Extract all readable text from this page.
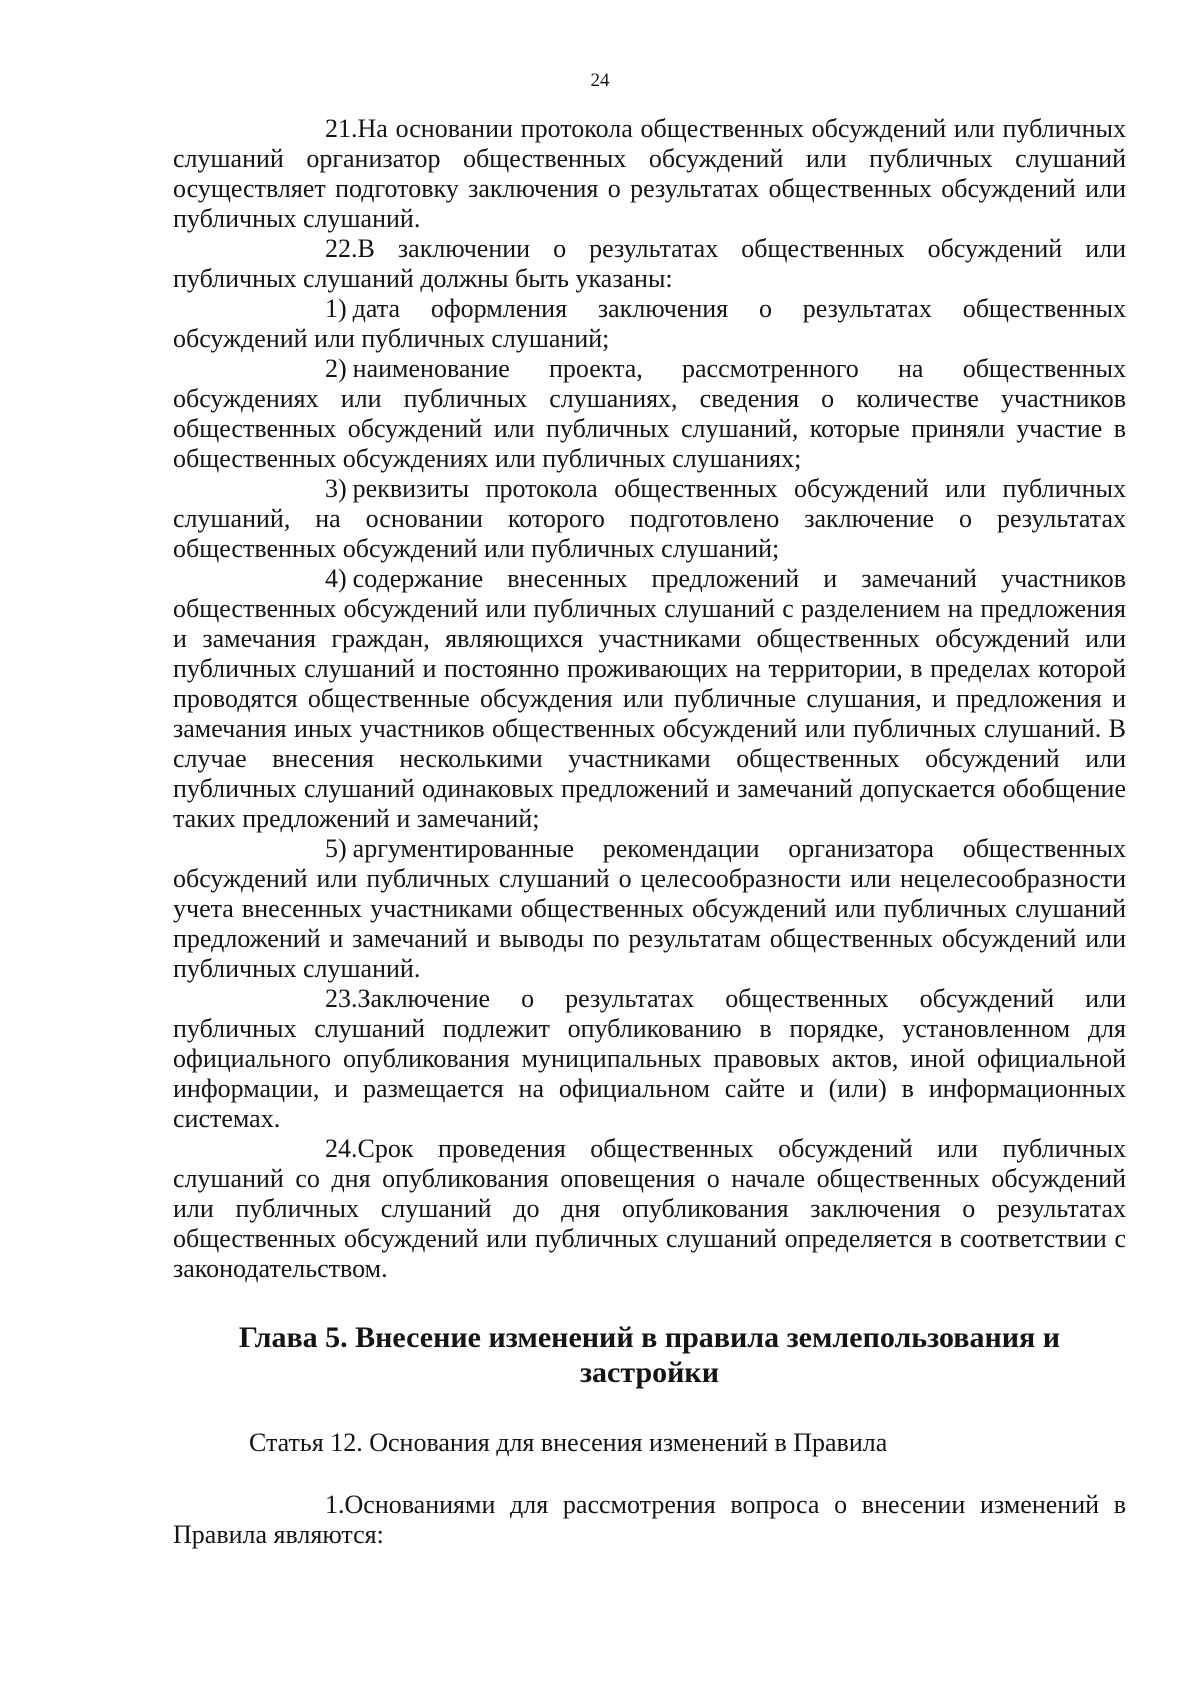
24

21.На основании протокола общественных обсуждений или публичных слушаний организатор общественных обсуждений или публичных слушаний осуществляет подготовку заключения о результатах общественных обсуждений или публичных слушаний.

22.В заключении о результатах общественных обсуждений или публичных слушаний должны быть указаны:

1) дата оформления заключения о результатах общественных обсуждений или публичных слушаний;

2) наименование проекта, рассмотренного на общественных обсуждениях или публичных слушаниях, сведения о количестве участников общественных обсуждений или публичных слушаний, которые приняли участие в общественных обсуждениях или публичных слушаниях;

3) реквизиты протокола общественных обсуждений или публичных слушаний, на основании которого подготовлено заключение о результатах общественных обсуждений или публичных слушаний;

4) содержание внесенных предложений и замечаний участников общественных обсуждений или публичных слушаний с разделением на предложения и замечания граждан, являющихся участниками общественных обсуждений или публичных слушаний и постоянно проживающих на территории, в пределах которой проводятся общественные обсуждения или публичные слушания, и предложения и замечания иных участников общественных обсуждений или публичных слушаний. В случае внесения несколькими участниками общественных обсуждений или публичных слушаний одинаковых предложений и замечаний допускается обобщение таких предложений и замечаний;

5) аргументированные рекомендации организатора общественных обсуждений или публичных слушаний о целесообразности или нецелесообразности учета внесенных участниками общественных обсуждений или публичных слушаний предложений и замечаний и выводы по результатам общественных обсуждений или публичных слушаний.

23.Заключение о результатах общественных обсуждений или публичных слушаний подлежит опубликованию в порядке, установленном для официального опубликования муниципальных правовых актов, иной официальной информации, и размещается на официальном сайте и (или) в информационных системах.

24.Срок проведения общественных обсуждений или публичных слушаний со дня опубликования оповещения о начале общественных обсуждений или публичных слушаний до дня опубликования заключения о результатах общественных обсуждений или публичных слушаний определяется в соответствии с законодательством.

Глава 5. Внесение изменений в правила землепользования и застройки

Статья 12. Основания для внесения изменений в Правила

1.Основаниями для рассмотрения вопроса о внесении изменений в Правила являются:
